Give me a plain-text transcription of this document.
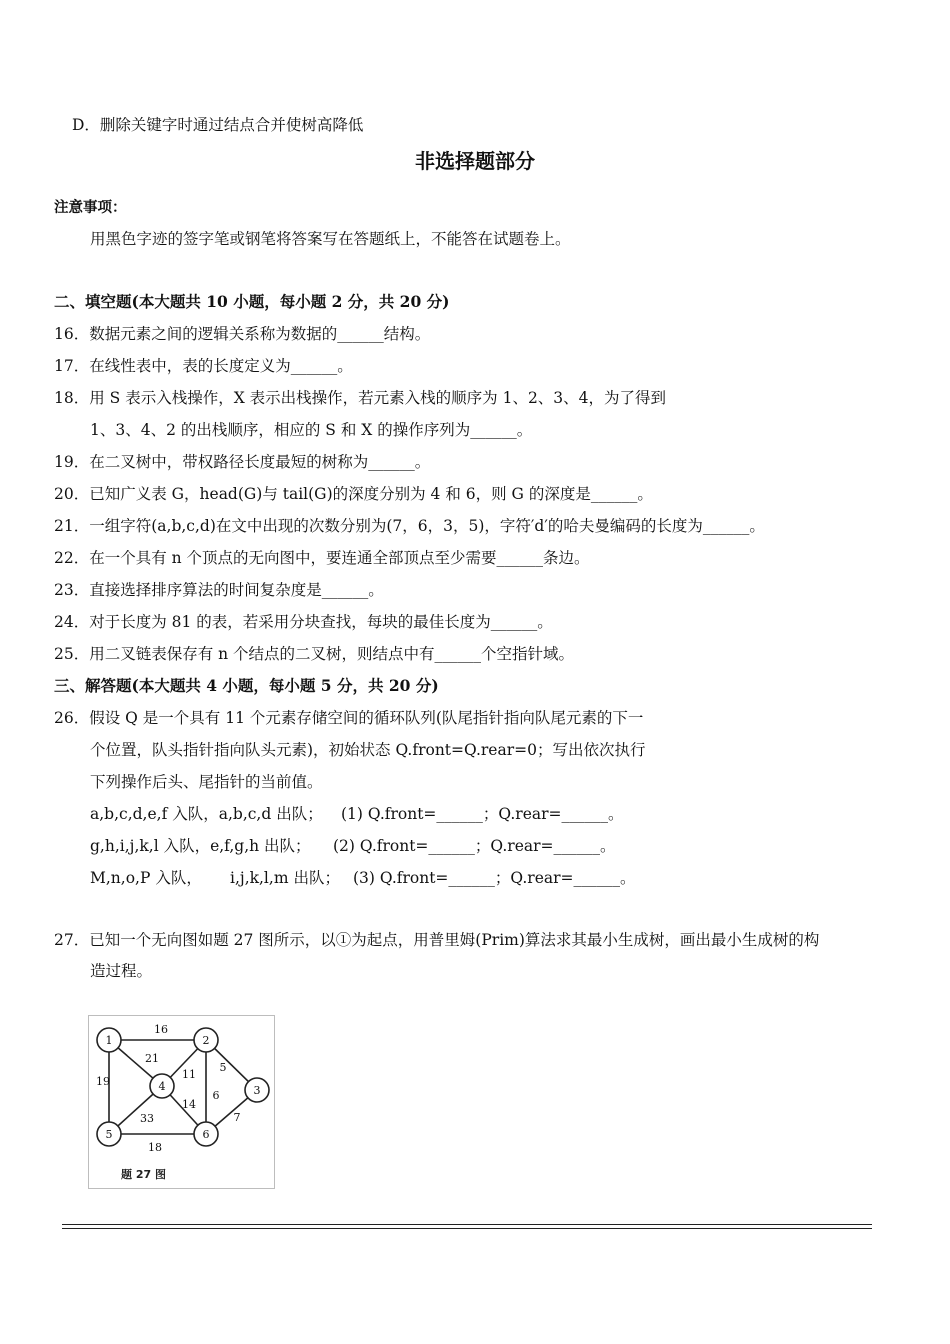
D．删除关键字时通过结点合并使树高降低
非选择题部分
注意事项：
用黑色字迹的签字笔或钢笔将答案写在答题纸上，不能答在试题卷上。
二、填空题(本大题共 10 小题，每小题 2 分，共 20 分)
16．数据元素之间的逻辑关系称为数据的______结构。
17．在线性表中，表的长度定义为______。
18．用 S 表示入栈操作，X 表示出栈操作，若元素入栈的顺序为 1、2、3、4，为了得到
1、3、4、2 的出栈顺序，相应的 S 和 X 的操作序列为______。
19．在二叉树中，带权路径长度最短的树称为______。
20．已知广义表 G，head(G)与 tail(G)的深度分别为 4 和 6，则 G 的深度是______。
21．一组字符(a,b,c,d)在文中出现的次数分别为(7，6，3，5)，字符′d′的哈夫曼编码的长度为______。
22．在一个具有 n 个顶点的无向图中，要连通全部顶点至少需要______条边。
23．直接选择排序算法的时间复杂度是______。
24．对于长度为 81 的表，若采用分块查找，每块的最佳长度为______。
25．用二叉链表保存有 n 个结点的二叉树，则结点中有______个空指针域。
三、解答题(本大题共 4 小题，每小题 5 分，共 20 分)
26．假设 Q 是一个具有 11 个元素存储空间的循环队列(队尾指针指向队尾元素的下一
个位置，队头指针指向队头元素)，初始状态 Q.front=Q.rear=0；写出依次执行
下列操作后头、尾指针的当前值。
a,b,c,d,e,f 入队，a,b,c,d 出队； (1) Q.front=______；Q.rear=______。
g,h,i,j,k,l 入队，e,f,g,h 出队； (2) Q.front=______；Q.rear=______。
M,n,o,P 入队， i,j,k,l,m 出队； (3) Q.front=______；Q.rear=______。
27．已知一个无向图如题 27 图所示，以①为起点，用普里姆(Prim)算法求其最小生成树，画出最小生成树的构
造过程。
16
21
19
11
5
6
7
33
14
18
1	2
3
4
5	6
题 27 图
